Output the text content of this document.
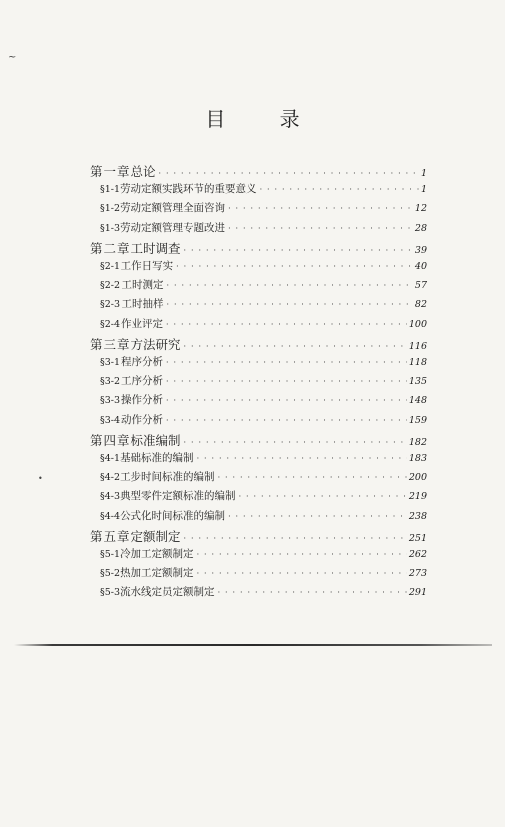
目 录
~
•
第一章 总论 · · ·	1
§1-1 劳动定额实践环节的重要意义 · · ·	1
§1-2 劳动定额管理全面咨询 · · ·	12
§1-3 劳动定额管理专题改进 · · ·	28
第二章 工时调查 · · ·	39
§2-1 工作日写实 · · ·	40
§2-2 工时测定 · · ·	57
§2-3 工时抽样 · · ·	82
§2-4 作业评定 · · ·	100
第三章 方法研究 · · ·	116
§3-1 程序分析 · · ·	118
§3-2 工序分析 · · ·	135
§3-3 操作分析 · · ·	148
§3-4 动作分析 · · ·	159
第四章 标准编制 · · ·	182
§4-1 基础标准的编制 · · ·	183
§4-2 工步时间标准的编制 · · ·	200
§4-3 典型零件定额标准的编制 · · ·	219
§4-4 公式化时间标准的编制 · · ·	238
第五章 定额制定 · · ·	251
§5-1 冷加工定额制定 · · ·	262
§5-2 热加工定额制定 · · ·	273
§5-3 流水线定员定额制定 · · ·	291
